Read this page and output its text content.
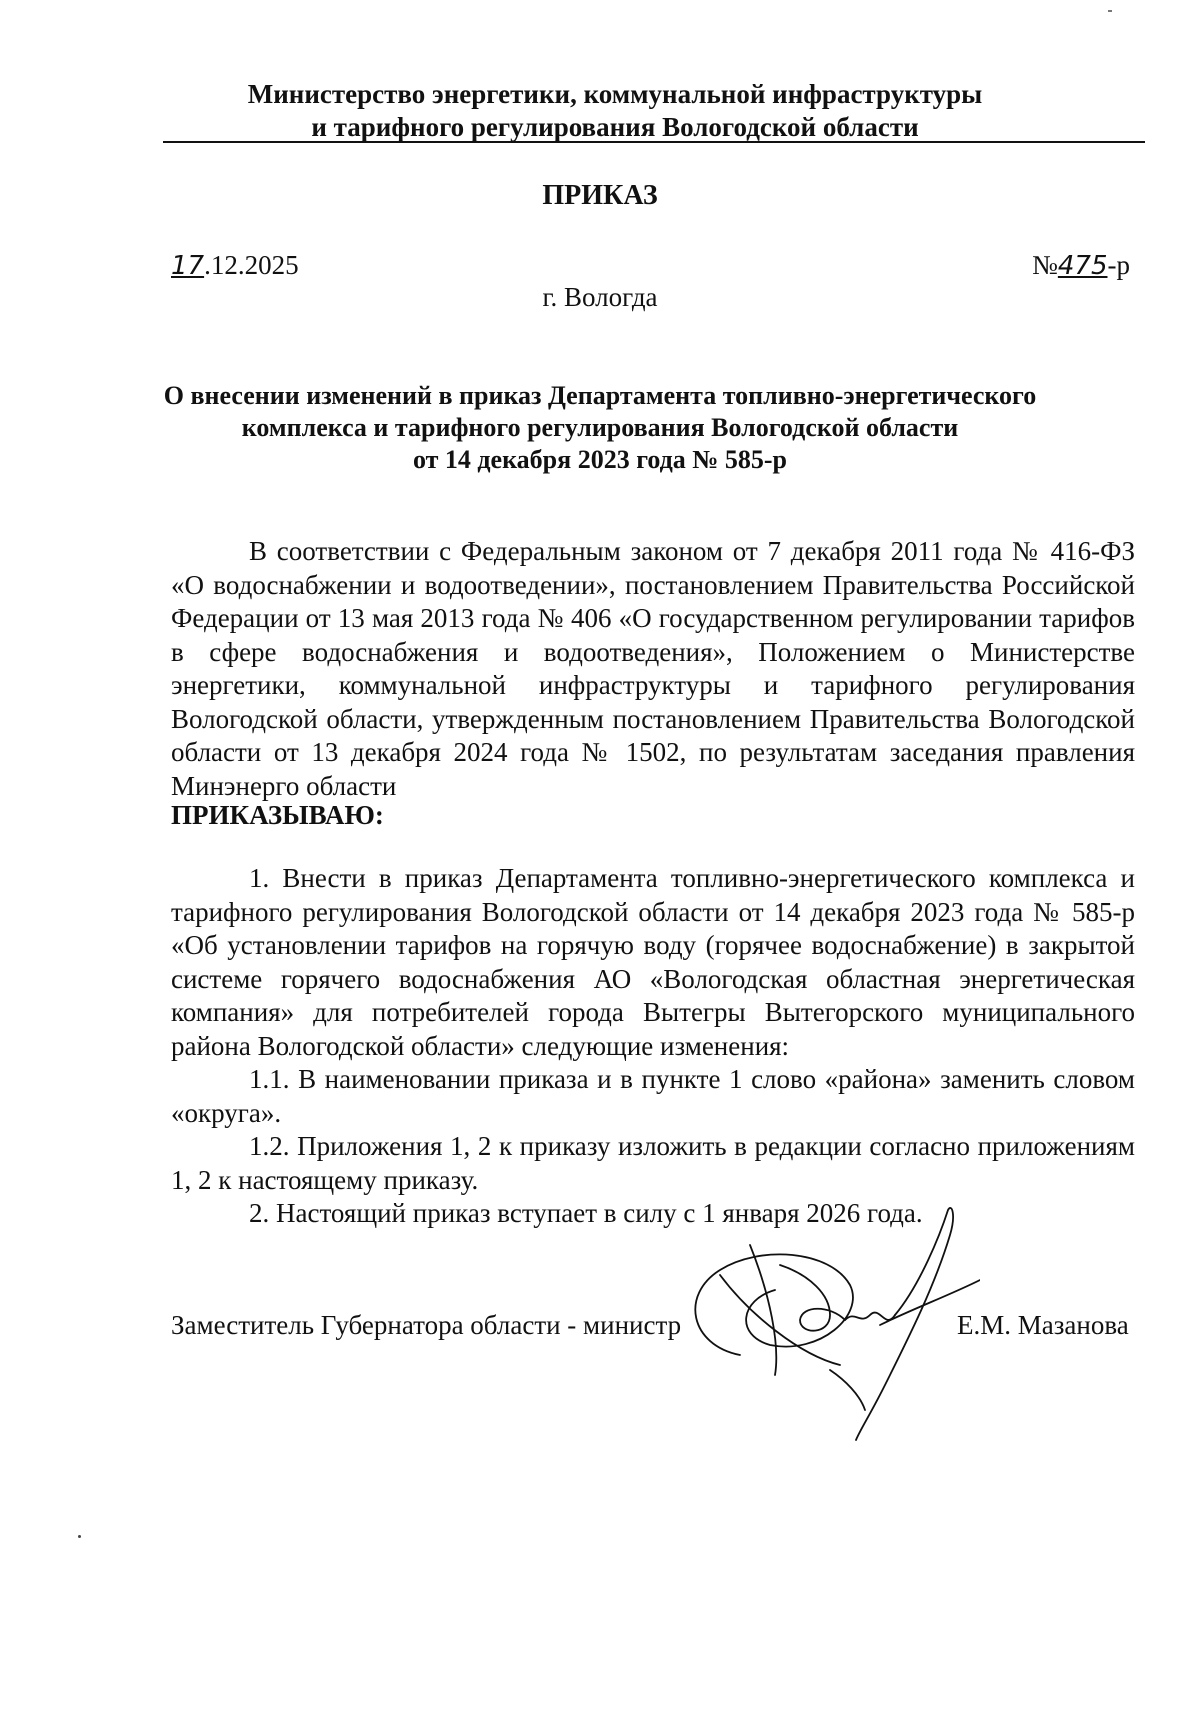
Министерство энергетики, коммунальной инфраструктуры
и тарифного регулирования Вологодской области
ПРИКАЗ
17.12.2025	№475-р
г. Вологда
О внесении изменений в приказ Департамента топливно-энергетического
комплекса и тарифного регулирования Вологодской области
от 14 декабря 2023 года № 585-р

В соответствии с Федеральным законом от 7 декабря 2011 года № 416-ФЗ «О водоснабжении и водоотведении», постановлением Правительства Российской Федерации от 13 мая 2013 года № 406 «О государственном регулировании тарифов в сфере водоснабжения и водоотведения», Положением о Министерстве энергетики, коммунальной инфраструктуры и тарифного регулирования Вологодской области, утвержденным постановлением Правительства Вологодской области от 13 декабря 2024 года № 1502, по результатам заседания правления Минэнерго области

ПРИКАЗЫВАЮ:

1. Внести в приказ Департамента топливно-энергетического комплекса и тарифного регулирования Вологодской области от 14 декабря 2023 года № 585-р «Об установлении тарифов на горячую воду (горячее водоснабжение) в закрытой системе горячего водоснабжения АО «Вологодская областная энергетическая компания» для потребителей города Вытегры Вытегорского муниципального района Вологодской области» следующие изменения:

1.1. В наименовании приказа и в пункте 1 слово «района» заменить словом «округа».

1.2. Приложения 1, 2 к приказу изложить в редакции согласно приложениям 1, 2 к настоящему приказу.

2. Настоящий приказ вступает в силу с 1 января 2026 года.

Заместитель Губернатора области - министр	Е.М. Мазанова
